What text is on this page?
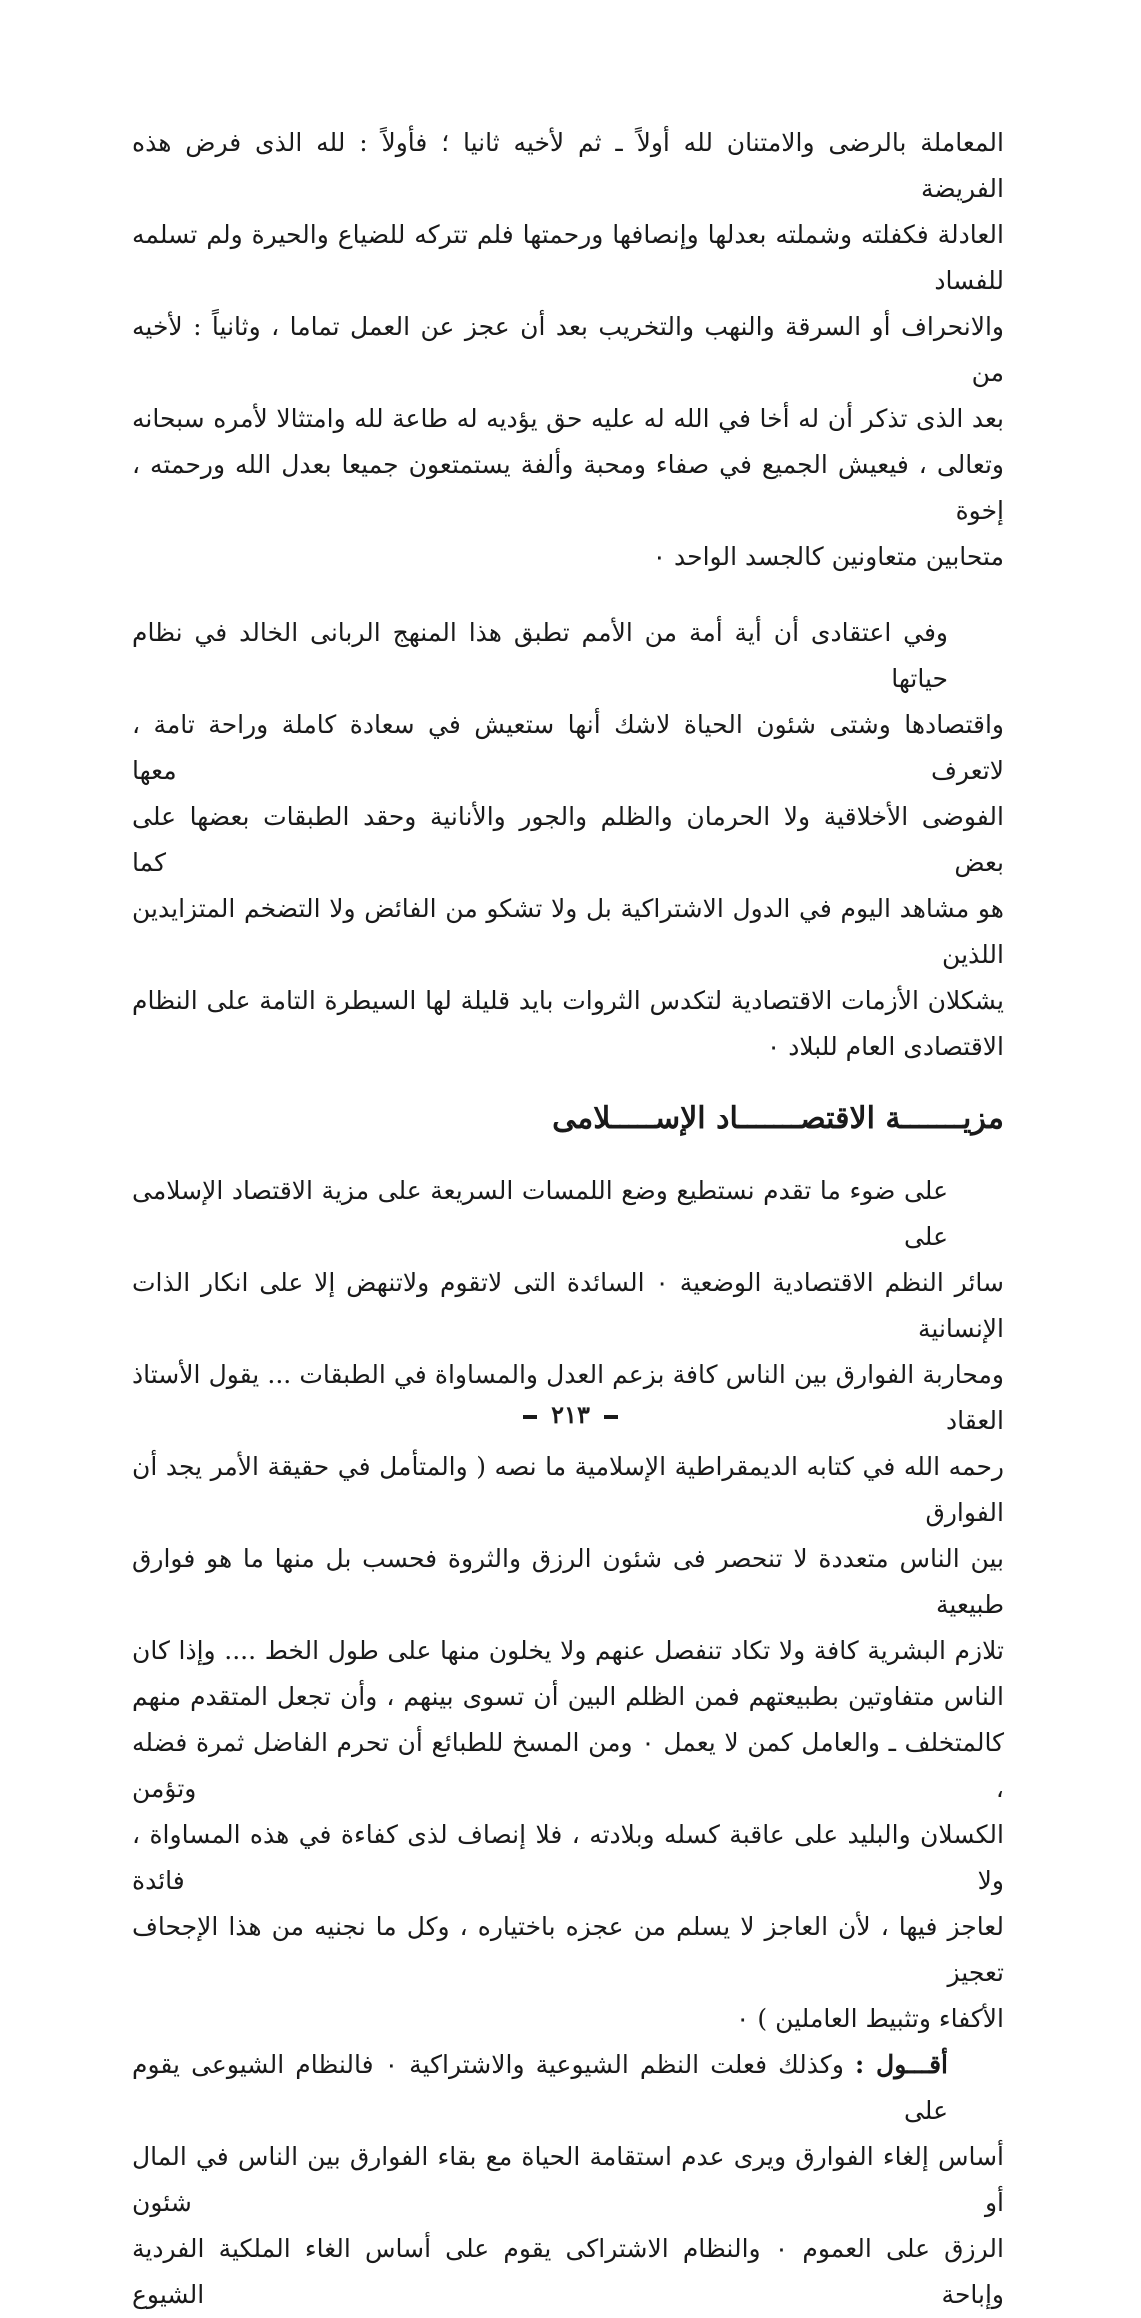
المعاملة بالرضى والامتنان لله أولاً ـ ثم لأخيه ثانيا ؛ فأولاً : لله الذى فرض هذه الفريضة
العادلة فكفلته وشملته بعدلها وإنصافها ورحمتها فلم تتركه للضياع والحيرة ولم تسلمه للفساد
والانحراف أو السرقة والنهب والتخريب بعد أن عجز عن العمل تماما ، وثانياً : لأخيه من
بعد الذى تذكر أن له أخا في الله له عليه حق يؤديه له طاعة لله وامتثالا لأمره سبحانه
وتعالى ، فيعيش الجميع في صفاء ومحبة وألفة يستمتعون جميعا بعدل الله ورحمته ، إخوة
متحابين متعاونين كالجسد الواحد ٠
وفي اعتقادى أن أية أمة من الأمم تطبق هذا المنهج الربانى الخالد في نظام حياتها
واقتصادها وشتى شئون الحياة لاشك أنها ستعيش في سعادة كاملة وراحة تامة ، لاتعرف معها
الفوضى الأخلاقية ولا الحرمان والظلم والجور والأنانية وحقد الطبقات بعضها على بعض كما
هو مشاهد اليوم في الدول الاشتراكية بل ولا تشكو من الفائض ولا التضخم المتزايدين اللذين
يشكلان الأزمات الاقتصادية لتكدس الثروات بايد قليلة لها السيطرة التامة على النظام
الاقتصادى العام للبلاد ٠
مزيـــــــة الاقتصـــــــاد الإســـــلامى
على ضوء ما تقدم نستطيع وضع اللمسات السريعة على مزية الاقتصاد الإسلامى على
سائر النظم الاقتصادية الوضعية ٠ السائدة التى لاتقوم ولاتنهض إلا على انكار الذات الإنسانية
ومحاربة الفوارق بين الناس كافة بزعم العدل والمساواة في الطبقات ... يقول الأستاذ العقاد
رحمه الله في كتابه الديمقراطية الإسلامية ما نصه ( والمتأمل في حقيقة الأمر يجد أن الفوارق
بين الناس متعددة لا تنحصر فى شئون الرزق والثروة فحسب بل منها ما هو فوارق طبيعية
تلازم البشرية كافة ولا تكاد تنفصل عنهم ولا يخلون منها على طول الخط .... وإذا كان
الناس متفاوتين بطبيعتهم فمن الظلم البين أن تسوى بينهم ، وأن تجعل المتقدم منهم
كالمتخلف ـ والعامل كمن لا يعمل ٠ ومن المسخ للطبائع أن تحرم الفاضل ثمرة فضله ، وتؤمن
الكسلان والبليد على عاقبة كسله وبلادته ، فلا إنصاف لذى كفاءة في هذه المساواة ، ولا فائدة
لعاجز فيها ، لأن العاجز لا يسلم من عجزه باختياره ، وكل ما نجنيه من هذا الإجحاف تعجيز
الأكفاء وتثبيط العاملين ) ٠
أقـــول : وكذلك فعلت النظم الشيوعية والاشتراكية ٠ فالنظام الشيوعى يقوم على
أساس إلغاء الفوارق ويرى عدم استقامة الحياة مع بقاء الفوارق بين الناس في المال أو شئون
الرزق على العموم ٠ والنظام الاشتراكى يقوم على أساس الغاء الملكية الفردية وإباحة الشيوع
٢١٣
